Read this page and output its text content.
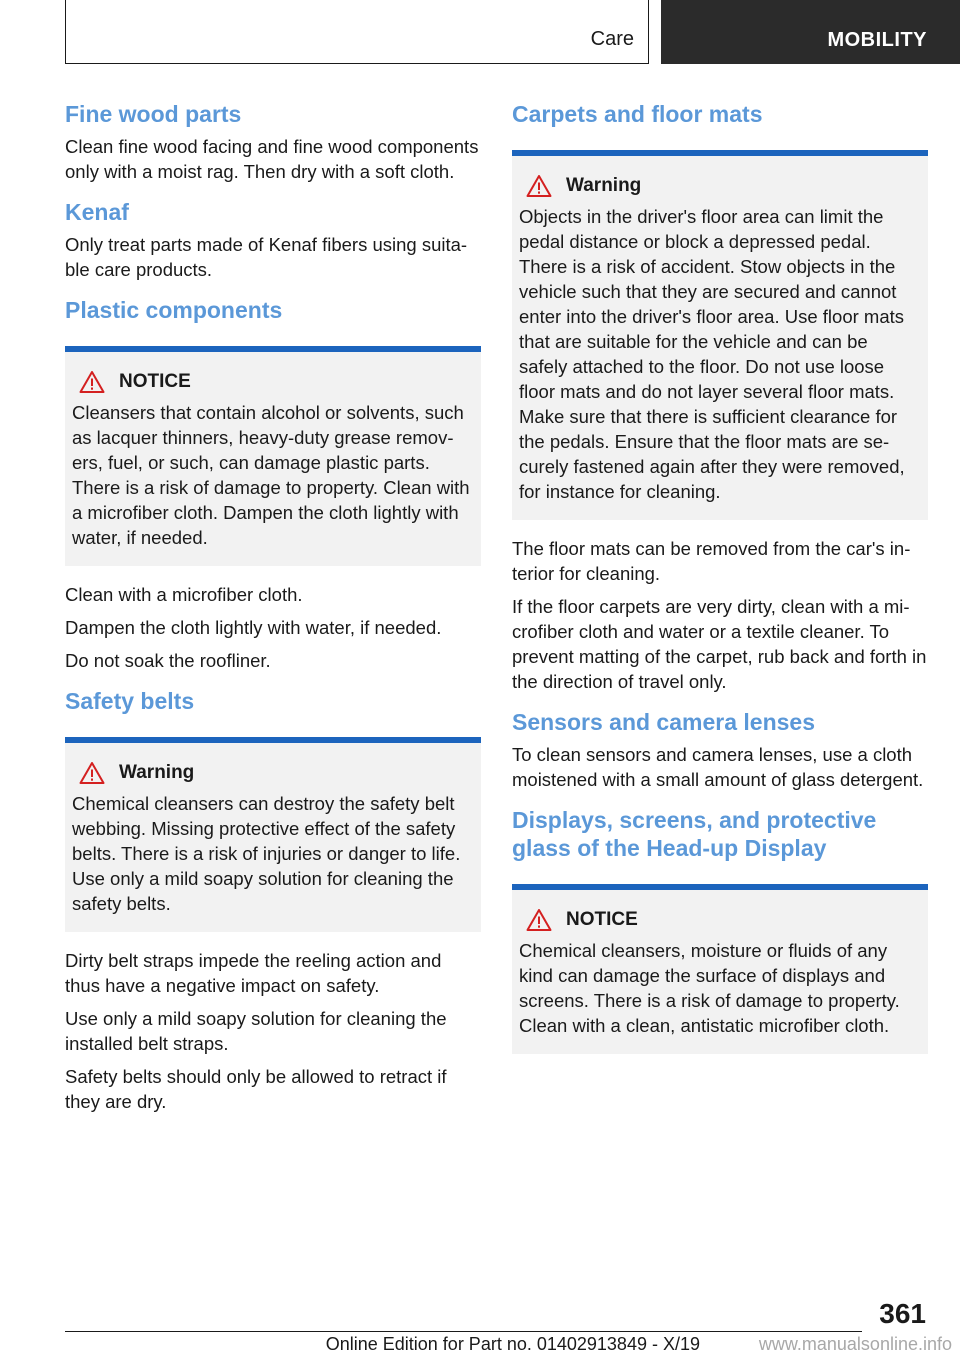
Care	MOBILITY
Fine wood parts

Clean fine wood facing and fine wood components only with a moist rag. Then dry with a soft cloth.

Kenaf

Only treat parts made of Kenaf fibers using suitable care products.

Plastic components
NOTICE
Cleansers that contain alcohol or solvents, such as lacquer thinners, heavy-duty grease removers, fuel, or such, can damage plastic parts. There is a risk of damage to property. Clean with a microfiber cloth. Dampen the cloth lightly with water, if needed.

Clean with a microfiber cloth.

Dampen the cloth lightly with water, if needed.

Do not soak the roofliner.

Safety belts
Warning
Chemical cleansers can destroy the safety belt webbing. Missing protective effect of the safety belts. There is a risk of injuries or danger to life. Use only a mild soapy solution for cleaning the safety belts.

Dirty belt straps impede the reeling action and thus have a negative impact on safety.

Use only a mild soapy solution for cleaning the installed belt straps.

Safety belts should only be allowed to retract if they are dry.

Carpets and floor mats
Warning
Objects in the driver's floor area can limit the pedal distance or block a depressed pedal. There is a risk of accident. Stow objects in the vehicle such that they are secured and cannot enter into the driver's floor area. Use floor mats that are suitable for the vehicle and can be safely attached to the floor. Do not use loose floor mats and do not layer several floor mats. Make sure that there is sufficient clearance for the pedals. Ensure that the floor mats are securely fastened again after they were removed, for instance for cleaning.

The floor mats can be removed from the car's interior for cleaning.

If the floor carpets are very dirty, clean with a microfiber cloth and water or a textile cleaner. To prevent matting of the carpet, rub back and forth in the direction of travel only.

Sensors and camera lenses

To clean sensors and camera lenses, use a cloth moistened with a small amount of glass detergent.

Displays, screens, and protective glass of the Head-up Display
NOTICE
Chemical cleansers, moisture or fluids of any kind can damage the surface of displays and screens. There is a risk of damage to property. Clean with a clean, antistatic microfiber cloth.
361
Online Edition for Part no. 01402913849 - X/19	www.manualsonline.info
